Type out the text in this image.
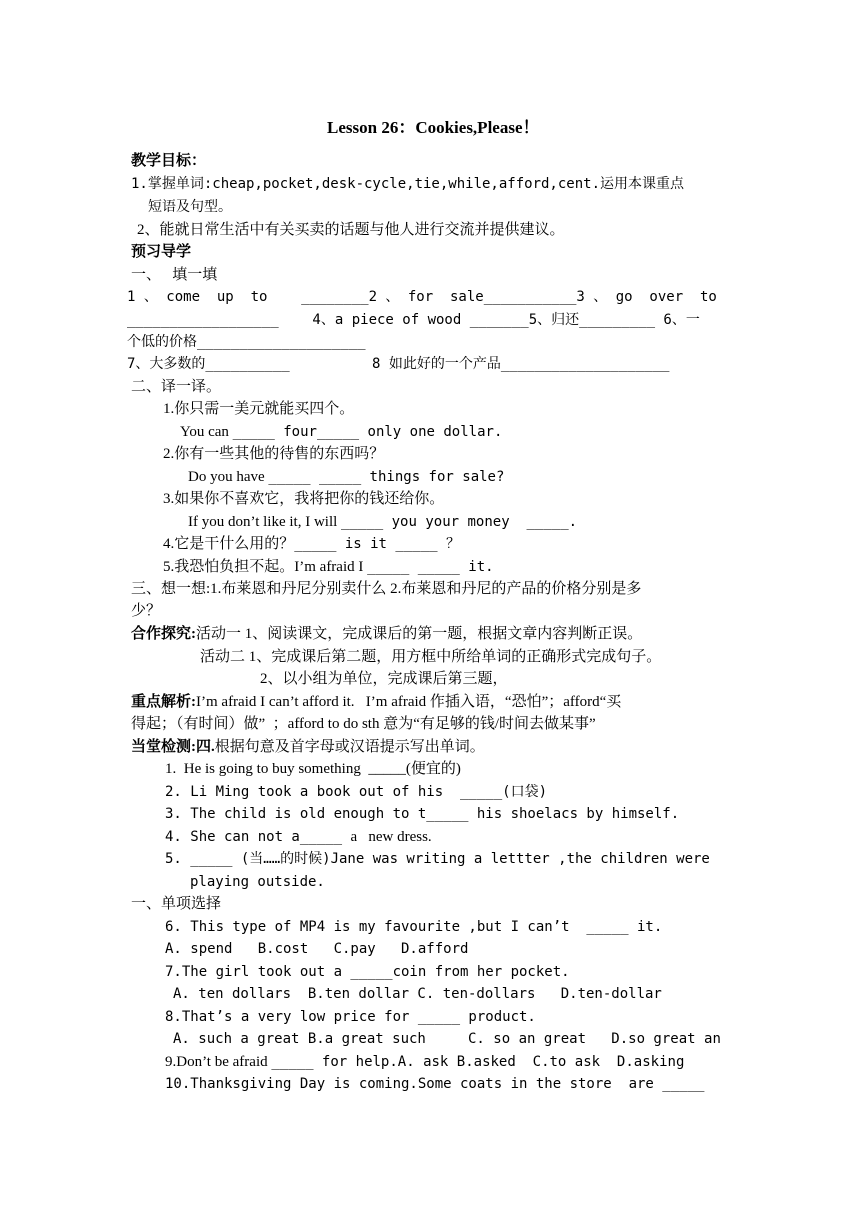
Lesson 26：Cookies,Please！
教学目标：
1.掌握单词:cheap,pocket,desk-cycle,tie,while,afford,cent.运用本课重点
短语及句型。
2、能就日常生活中有关买卖的话题与他人进行交流并提供建议。
预习导学
一、   填一填
1 、 come  up  to    ________2 、 for  sale___________3 、 go  over  to
__________________    4、a piece of wood _______5、归还_________ 6、一
个低的价格____________________
7、大多数的__________	8 如此好的一个产品____________________
二、译一译。
1.你只需一美元就能买四个。
You can _____ four_____ only one dollar.
2.你有一些其他的待售的东西吗？
Do you have _____ _____ things for sale?
3.如果你不喜欢它，我将把你的钱还给你。
If you don’t like it, I will _____ you your money  _____.
4.它是干什么用的？_____ is it _____ ？
5.我恐怕负担不起。I’m afraid I _____ _____ it.
三、想一想:1.布莱恩和丹尼分别卖什么 2.布莱恩和丹尼的产品的价格分别是多
少？
合作探究:活动一 1、阅读课文，完成课后的第一题，根据文章内容判断正误。
活动二 1、完成课后第二题，用方框中所给单词的正确形式完成句子。
2、以小组为单位，完成课后第三题，
重点解析:I’m afraid I can’t afford it.   I’m afraid 作插入语，“恐怕”；afford“买
得起；（有时间）做”  ；afford to do sth 意为“有足够的钱/时间去做某事”
当堂检测:四.根据句意及首字母或汉语提示写出单词。
1.  He is going to buy something  _____(便宜的)
2. Li Ming took a book out of his  _____(口袋)
3. The child is old enough to t_____ his shoelacs by himself.
4. She can not a_____ a   new dress.
5. _____ (当……的时候)Jane was writing a lettter ,the children were
playing outside.
一、单项选择
6. This type of MP4 is my favourite ,but I can’t  _____ it.
A. spend   B.cost   C.pay   D.afford
7.The girl took out a _____coin from her pocket.
A. ten dollars  B.ten dollar C. ten-dollars   D.ten-dollar
8.That’s a very low price for _____ product.
A. such a great B.a great such     C. so an great   D.so great an
9.Don’t be afraid _____ for help.A. ask B.asked  C.to ask  D.asking
10.Thanksgiving Day is coming.Some coats in the store  are _____
